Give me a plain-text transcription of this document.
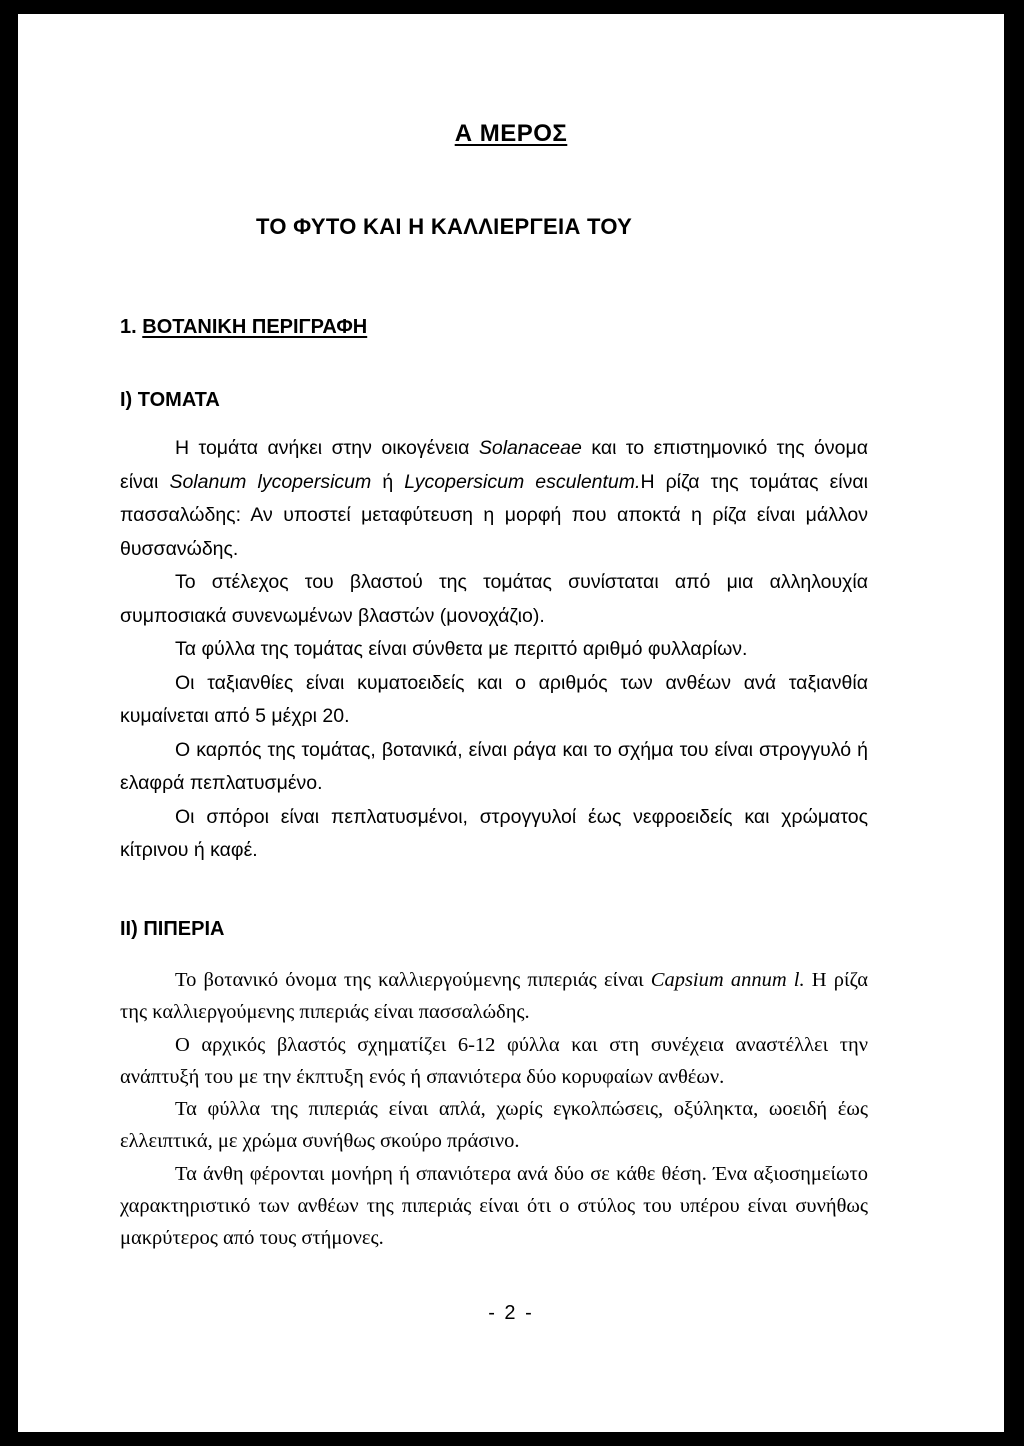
Α ΜΕΡΟΣ
ΤΟ ΦΥΤΟ ΚΑΙ Η ΚΑΛΛΙΕΡΓΕΙΑ ΤΟΥ
1. ΒΟΤΑΝΙΚΗ ΠΕΡΙΓΡΑΦΗ
Ι) ΤΟΜΑΤΑ

Η τομάτα ανήκει στην οικογένεια Solanaceae και το επιστημονικό της όνομα είναι Solanum lycopersicum ή Lycopersicum esculentum.Η ρίζα της τομάτας είναι πασσαλώδης: Αν υποστεί μεταφύτευση η μορφή που αποκτά η ρίζα είναι μάλλον θυσσανώδης.

Το στέλεχος του βλαστού της τομάτας συνίσταται από μια αλληλουχία συμποσιακά συνενωμένων βλαστών (μονοχάζιο).

Τα φύλλα της τομάτας είναι σύνθετα με περιττό αριθμό φυλλαρίων.

Οι ταξιανθίες είναι κυματοειδείς και ο αριθμός των ανθέων ανά ταξιανθία κυμαίνεται από 5 μέχρι 20.

Ο καρπός της τομάτας, βοτανικά, είναι ράγα και το σχήμα του είναι στρογγυλό ή ελαφρά πεπλατυσμένο.

Οι σπόροι είναι πεπλατυσμένοι, στρογγυλοί έως νεφροειδείς και χρώματος κίτρινου ή καφέ.

ΙΙ) ΠΙΠΕΡΙΑ

Το βοτανικό όνομα της καλλιεργούμενης πιπεριάς είναι Capsium annum l. Η ρίζα της καλλιεργούμενης πιπεριάς είναι πασσαλώδης.

Ο αρχικός βλαστός σχηματίζει 6-12 φύλλα και στη συνέχεια αναστέλλει την ανάπτυξή του με την έκπτυξη ενός ή σπανιότερα δύο κορυφαίων ανθέων.

Τα φύλλα της πιπεριάς είναι απλά, χωρίς εγκολπώσεις, οξύληκτα, ωοειδή έως ελλειπτικά, με χρώμα συνήθως σκούρο πράσινο.

Τα άνθη φέρονται μονήρη ή σπανιότερα ανά δύο σε κάθε θέση. Ένα αξιοσημείωτο χαρακτηριστικό των ανθέων της πιπεριάς είναι ότι ο στύλος του υπέρου είναι συνήθως μακρύτερος από τους στήμονες.

- 2 -
